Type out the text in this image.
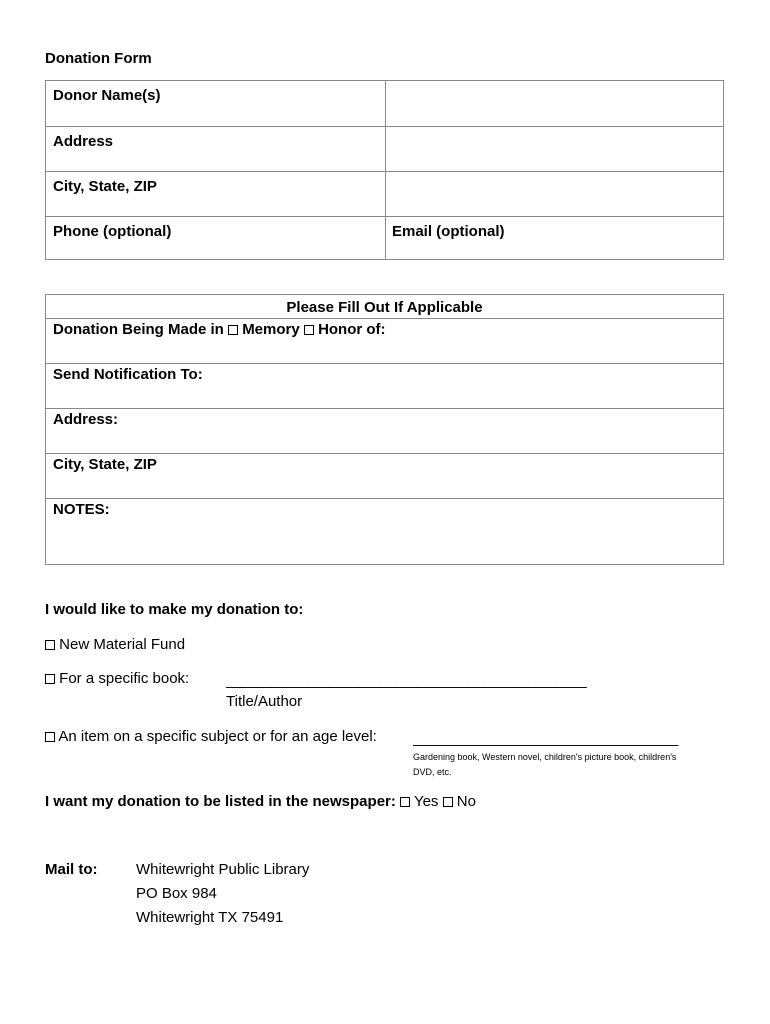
Donation Form
Donor Name(s)
Address
City, State, ZIP
Phone (optional)	Email (optional)
Please Fill Out If Applicable
Donation Being Made in Memory Honor of:
Send Notification To:
Address:
City, State, ZIP
NOTES:
I would like to make my donation to:
New Material Fund
For a specific book: _________________________________________________
Title/Author
An item on a specific subject or for an age level: ____________________________________
Gardening book, Western novel, children's picture book, children's
DVD, etc.
I want my donation to be listed in the newspaper: Yes No
Mail to:	Whitewright Public Library
PO Box 984
Whitewright TX 75491
